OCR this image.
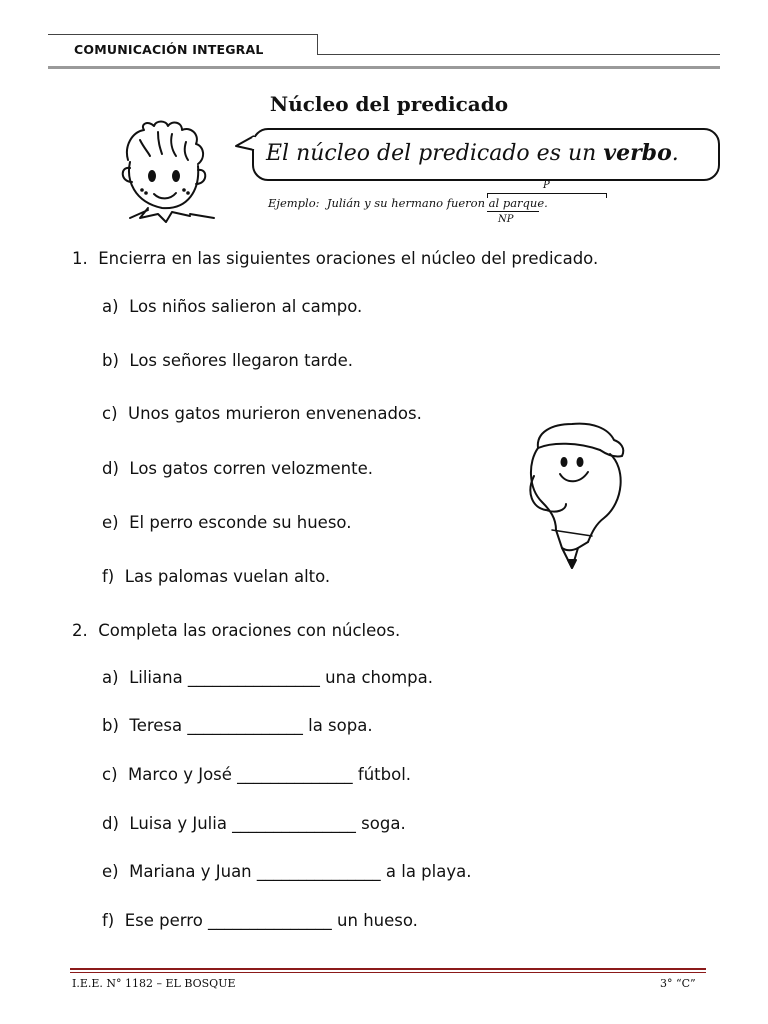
COMUNICACIÓN INTEGRAL
Núcleo del predicado
El núcleo del predicado es un verbo.
P
Ejemplo: Julián y su hermano fueron al parque.
NP
1. Encierra en las siguientes oraciones el núcleo del predicado.
a) Los niños salieron al campo.
b) Los señores llegaron tarde.
c) Unos gatos murieron envenenados.
d) Los gatos corren velozmente.
e) El perro esconde su hueso.
f) Las palomas vuelan alto.
2. Completa las oraciones con núcleos.
a) Liliana ________________ una chompa.
b) Teresa ______________ la sopa.
c) Marco y José ______________ fútbol.
d) Luisa y Julia _______________ soga.
e) Mariana y Juan _______________ a la playa.
f) Ese perro _______________ un hueso.
I.E.E. N° 1182 – EL BOSQUE	3° “C”
